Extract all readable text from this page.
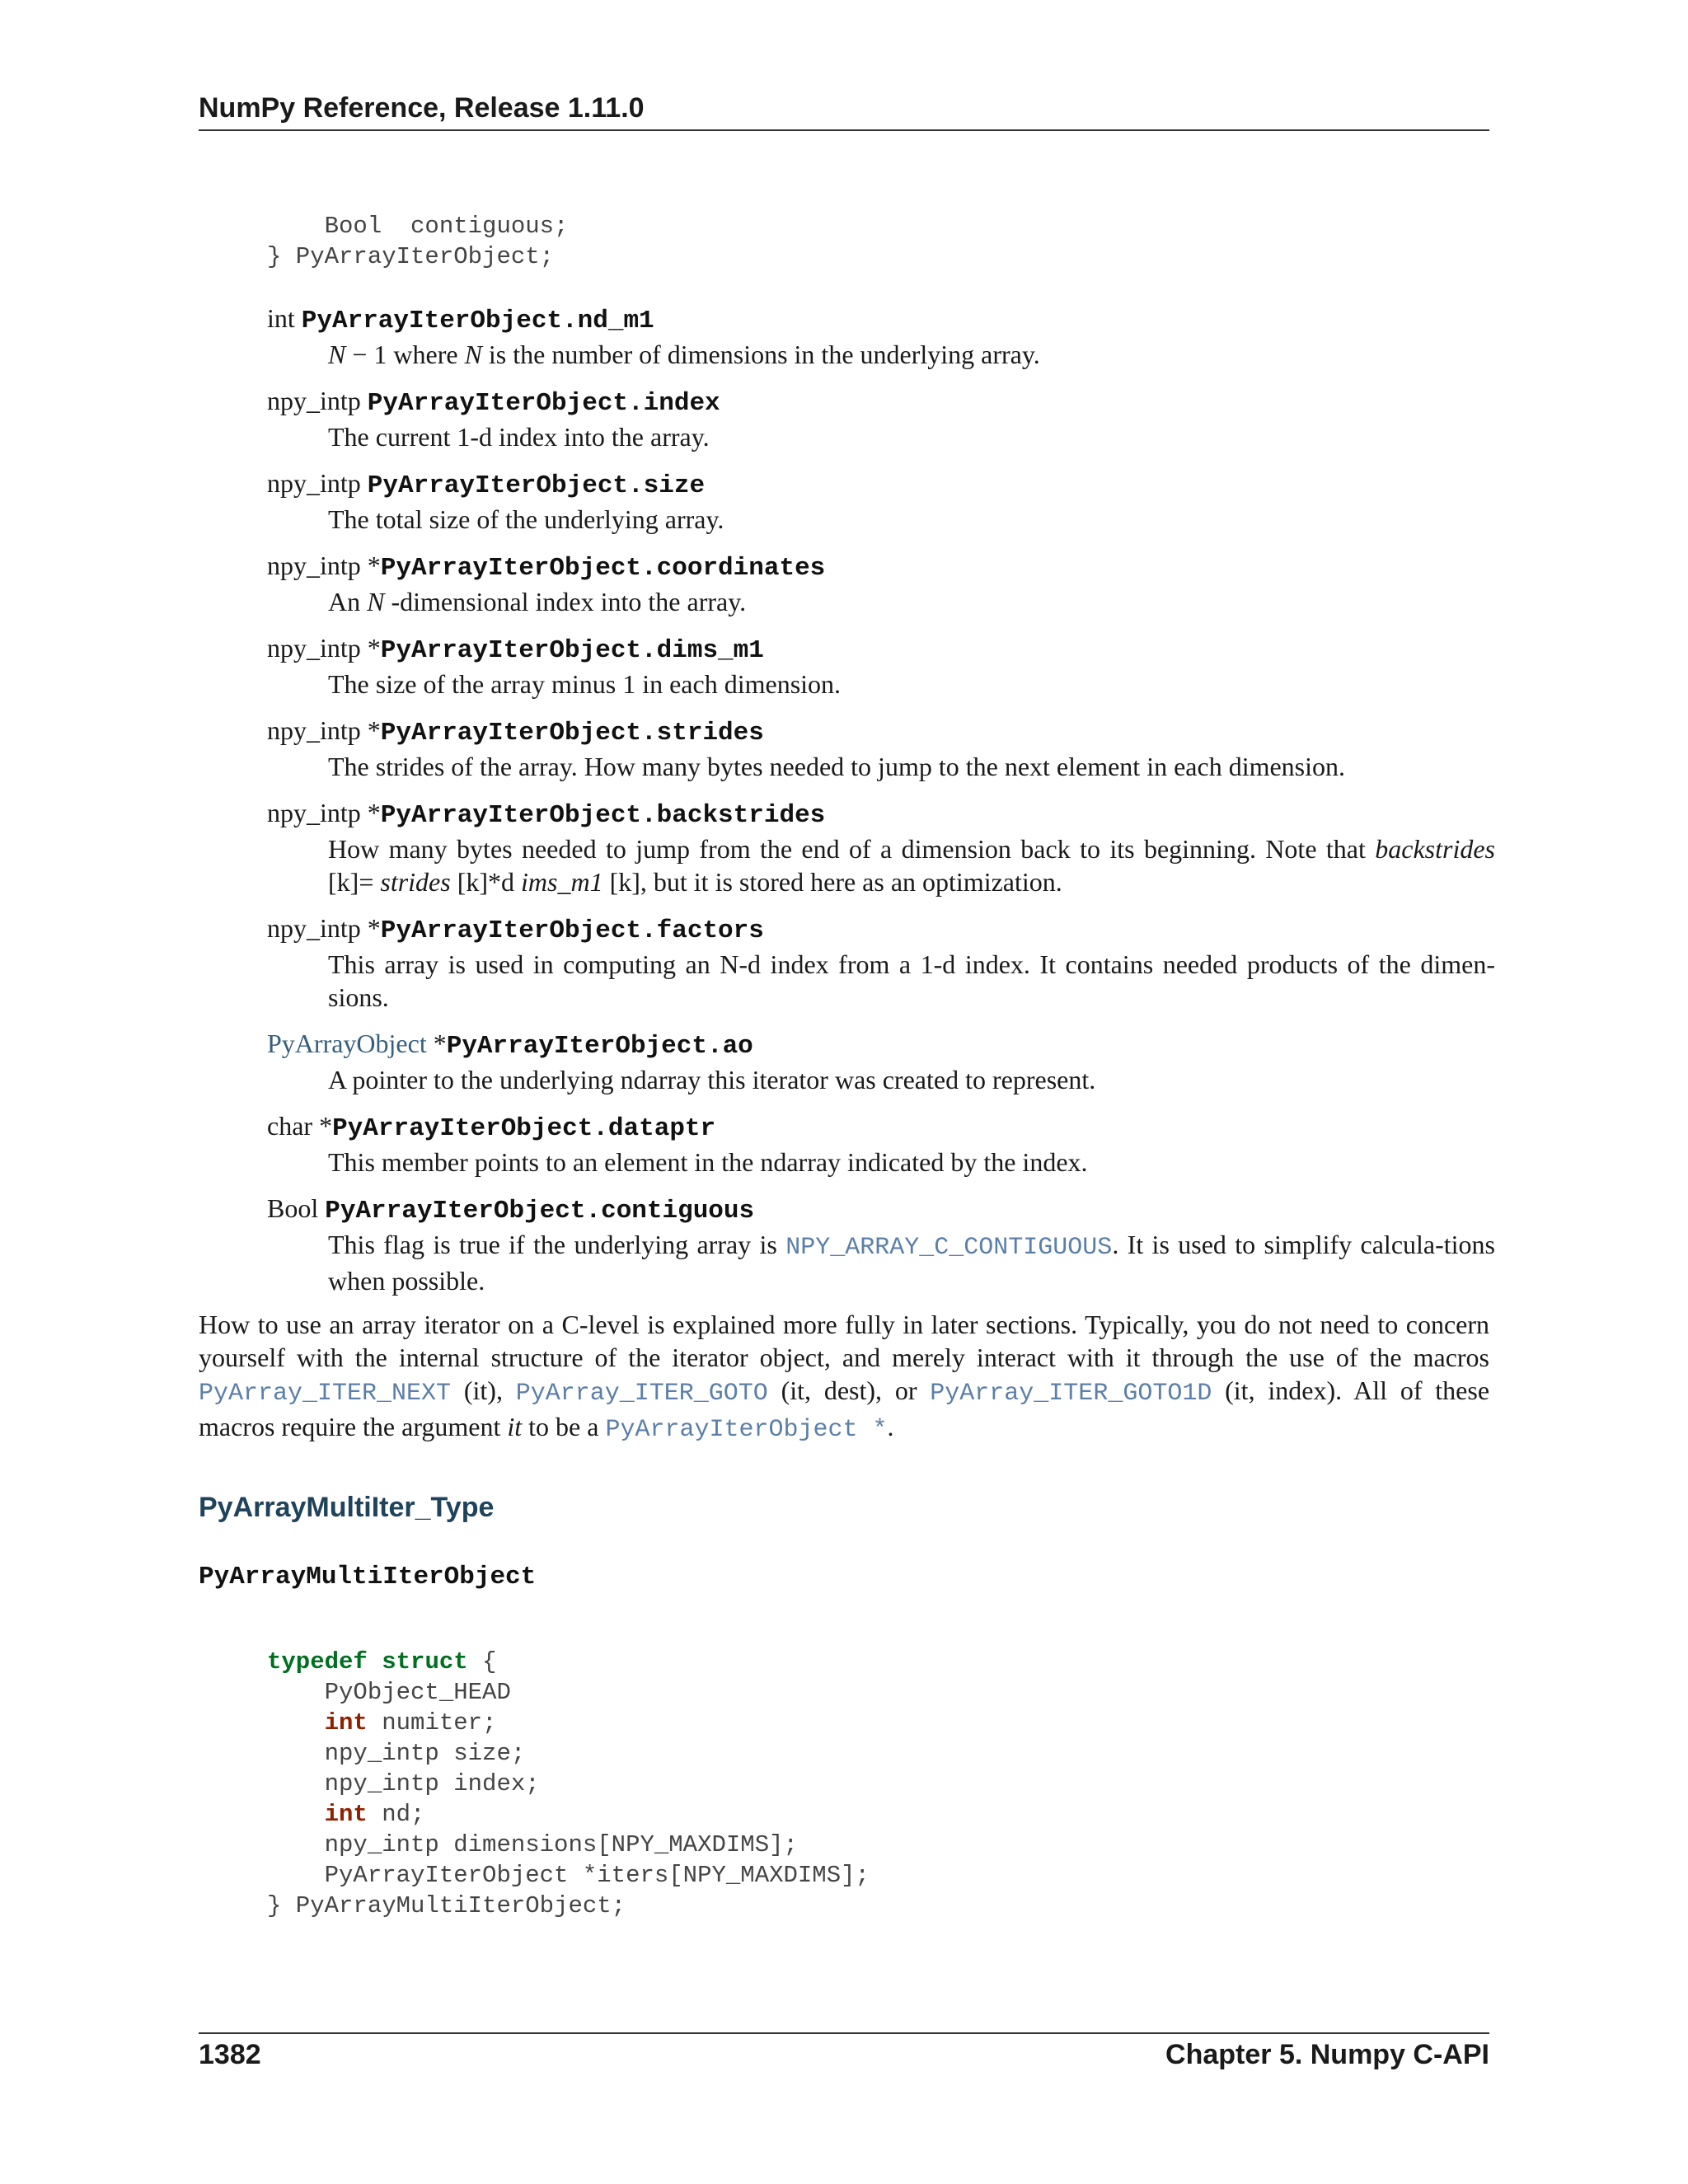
NumPy Reference, Release 1.11.0
Bool  contiguous;
} PyArrayIterObject;
int PyArrayIterObject.nd_m1
N − 1 where N is the number of dimensions in the underlying array.
npy_intp PyArrayIterObject.index
The current 1-d index into the array.
npy_intp PyArrayIterObject.size
The total size of the underlying array.
npy_intp *PyArrayIterObject.coordinates
An N -dimensional index into the array.
npy_intp *PyArrayIterObject.dims_m1
The size of the array minus 1 in each dimension.
npy_intp *PyArrayIterObject.strides
The strides of the array. How many bytes needed to jump to the next element in each dimension.
npy_intp *PyArrayIterObject.backstrides
How many bytes needed to jump from the end of a dimension back to its beginning. Note that backstrides [k]= strides [k]*d ims_m1 [k], but it is stored here as an optimization.
npy_intp *PyArrayIterObject.factors
This array is used in computing an N-d index from a 1-d index. It contains needed products of the dimen-sions.
PyArrayObject *PyArrayIterObject.ao
A pointer to the underlying ndarray this iterator was created to represent.
char *PyArrayIterObject.dataptr
This member points to an element in the ndarray indicated by the index.
Bool PyArrayIterObject.contiguous
This flag is true if the underlying array is NPY_ARRAY_C_CONTIGUOUS. It is used to simplify calcula-tions when possible.
How to use an array iterator on a C-level is explained more fully in later sections. Typically, you do not need to concern yourself with the internal structure of the iterator object, and merely interact with it through the use of the macros PyArray_ITER_NEXT (it), PyArray_ITER_GOTO (it, dest), or PyArray_ITER_GOTO1D (it, index). All of these macros require the argument it to be a PyArrayIterObject *.
PyArrayMultiIter_Type
PyArrayMultiIterObject
typedef struct {
PyObject_HEAD
int numiter;
npy_intp size;
npy_intp index;
int nd;
npy_intp dimensions[NPY_MAXDIMS];
PyArrayIterObject *iters[NPY_MAXDIMS];
} PyArrayMultiIterObject;
1382	Chapter 5. Numpy C-API
